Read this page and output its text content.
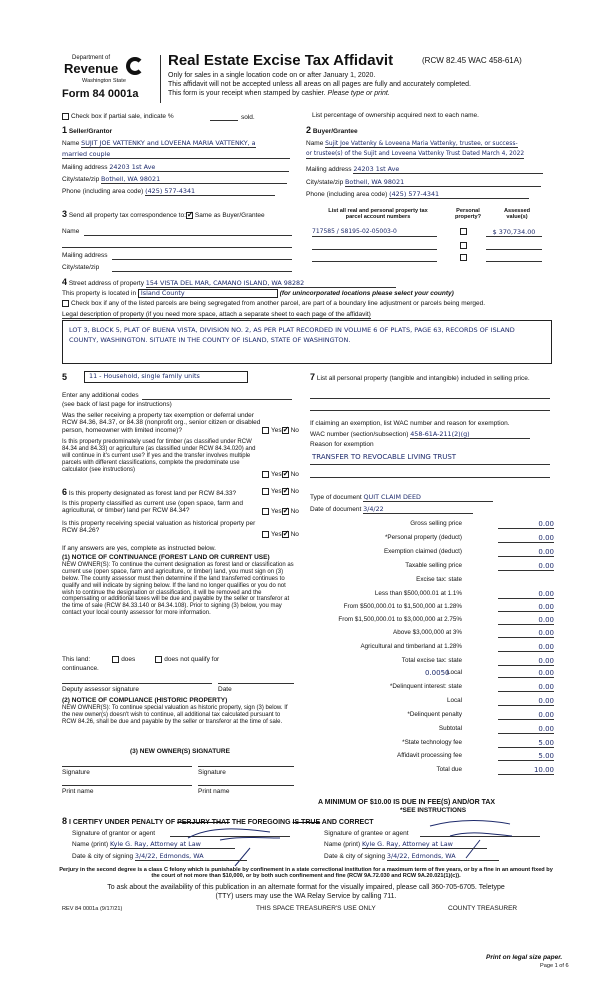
Department of
Revenue
Washington State
Form 84 0001a
Real Estate Excise Tax Affidavit	(RCW 82.45 WAC 458-61A)
Only for sales in a single location code on or after January 1, 2020.
This affidavit will not be accepted unless all areas on all pages are fully and accurately completed.
This form is your receipt when stamped by cashier. Please type or print.
Check box if partial sale, indicate %	sold.	List percentage of ownership acquired next to each name.
1 Seller/Grantor
Name SUJIT JOE VATTENKY and LOVEENA MARIA VATTENKY, a
married couple
Mailing address 24203 1st Ave
City/state/zip Bothell, WA 98021
Phone (including area code) (425) 577-4341
2 Buyer/Grantee
Name Sujit Joe Vattenky & Loveena Maria Vattenky, trustee, or success-
or trustee(s) of the Sujit and Loveena Vattenky Trust Dated March 4, 2022
Mailing address 24203 1st Ave
City/state/zip Bothell, WA 98021
Phone (including area code) (425) 577-4341
3 Send all property tax correspondence to: ✓ Same as Buyer/Grantee
Name
Mailing address
City/state/zip
List all real and personal property tax
parcel account numbers
Personal
property?
Assessed
value(s)
717585 / S8195-02-05003-0	$ 370,734.00
4 Street address of property 154 VISTA DEL MAR, CAMANO ISLAND, WA 98282
This property is located in Island County	(for unincorporated locations please select your county)
Check box if any of the listed parcels are being segregated from another parcel, are part of a boundary line adjustment or parcels being merged.
Legal description of property (if you need more space, attach a separate sheet to each page of the affidavit)
LOT 3, BLOCK 5, PLAT OF BUENA VISTA, DIVISION NO. 2, AS PER PLAT RECORDED IN VOLUME 6 OF PLATS, PAGE 63, RECORDS OF ISLAND COUNTY, WASHINGTON. SITUATE IN THE COUNTY OF ISLAND, STATE OF WASHINGTON.
5	11 - Household, single family units
Enter any additional codes
(see back of last page for instructions)
Was the seller receiving a property tax exemption or deferral under RCW 84.36, 84.37, or 84.38 (nonprofit org., senior citizen or disabled person, homeowner with limited income)?	Yes ✓ No
Is this property predominately used for timber (as classified under RCW 84.34 and 84.33) or agriculture (as classified under RCW 84.34.020) and will continue in it's current use? If yes and the transfer involves multiple parcels with different classifications, complete the predominate use calculator (see instructions)
Yes ✓ No
6 Is this property designated as forest land per RCW 84.33?	Yes ✓ No
Is this property classified as current use (open space, farm and agricultural, or timber) land per RCW 84.34?	Yes ✓ No
Is this property receiving special valuation as historical property per RCW 84.26?
Yes ✓ No
If any answers are yes, complete as instructed below.
(1) NOTICE OF CONTINUANCE (FOREST LAND OR CURRENT USE)
NEW OWNER(S): To continue the current designation as forest land or classification as current use (open space, farm and agriculture, or timber) land, you must sign on (3) below. The county assessor must then determine if the land transferred continues to qualify and will indicate by signing below. If the land no longer qualifies or you do not wish to continue the designation or classification, it will be removed and the compensating or additional taxes will be due and payable by the seller or transferor at the time of sale (RCW 84.33.140 or 84.34.108). Prior to signing (3) below, you may contact your local county assessor for more information.
This land:	does	does not qualify for
continuance.
Deputy assessor signature	Date
(2) NOTICE OF COMPLIANCE (HISTORIC PROPERTY)
NEW OWNER(S): To continue special valuation as historic property, sign (3) below. If the new owner(s) doesn't wish to continue, all additional tax calculated pursuant to RCW 84.26, shall be due and payable by the seller or transferor at the time of sale.
(3) NEW OWNER(S) SIGNATURE
Signature	Signature
Print name	Print name
7 List all personal property (tangible and intangible) included in selling price.
If claiming an exemption, list WAC number and reason for exemption.
WAC number (section/subsection) 458-61A-211(2)(g)
Reason for exemption
TRANSFER TO REVOCABLE LIVING TRUST
Type of document QUIT CLAIM DEED
Date of document 3/4/22
Gross selling price	0.00
*Personal property (deduct)	0.00
Exemption claimed (deduct)	0.00
Taxable selling price	0.00
Excise tax: state
Less than $500,000.01 at 1.1%	0.00
From $500,000.01 to $1,500,000 at 1.28%	0.00
From $1,500,000.01 to $3,000,000 at 2.75%	0.00
Above $3,000,000 at 3%	0.00
Agricultural and timberland at 1.28%	0.00
Total excise tax: state	0.00
Local	0.00
*Delinquent interest: state	0.00
Local	0.00
*Delinquent penalty	0.00
Subtotal	0.00
*State technology fee	5.00
Affidavit processing fee	5.00
Total due	10.00
0.0050
A MINIMUM OF $10.00 IS DUE IN FEE(S) AND/OR TAX
*SEE INSTRUCTIONS
8 I CERTIFY UNDER PENALTY OF PERJURY THAT THE FOREGOING IS TRUE AND CORRECT
Signature of grantor or agent
Name (print) Kyle G. Ray, Attorney at Law
Date & city of signing 3/4/22, Edmonds, WA
Signature of grantee or agent
Name (print) Kyle G. Ray, Attorney at Law
Date & city of signing 3/4/22, Edmonds, WA
Perjury in the second degree is a class C felony which is punishable by confinement in a state correctional institution for a maximum term of five years, or by a fine in an amount fixed by the court of not more than $10,000, or by both such confinement and fine (RCW 9A.72.030 and RCW 9A.20.021(1)(c)).
To ask about the availability of this publication in an alternate format for the visually impaired, please call 360-705-6705. Teletype
(TTY) users may use the WA Relay Service by calling 711.
REV 84 0001a (9/17/21)	THIS SPACE TREASURER'S USE ONLY	COUNTY TREASURER
Print on legal size paper.
Page 1 of 6
